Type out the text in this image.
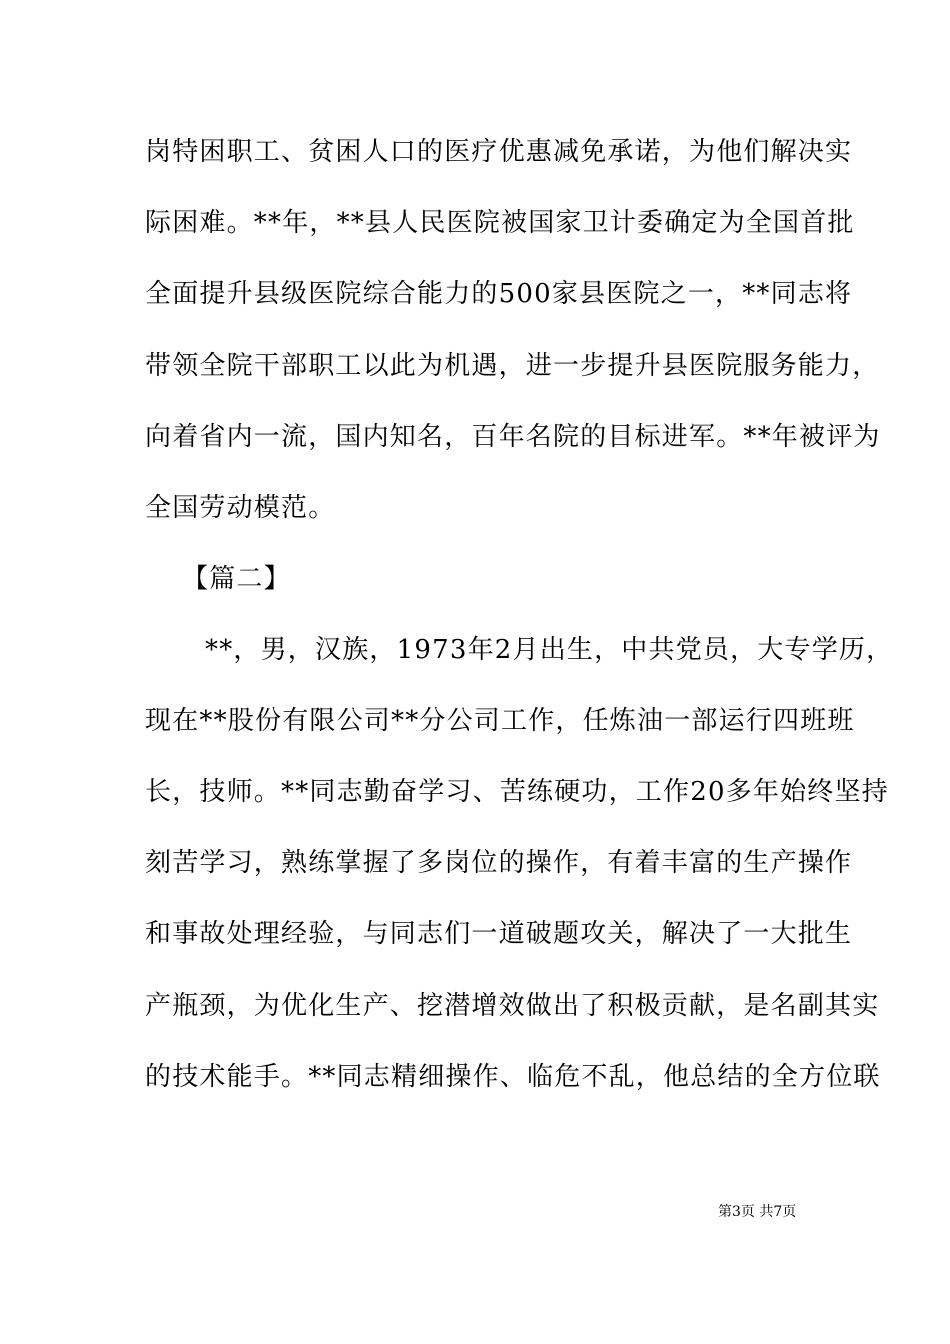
岗特困职工、贫困人口的医疗优惠减免承诺，为他们解决实
际困难。**年，**县人民医院被国家卫计委确定为全国首批
全面提升县级医院综合能力的500家县医院之一，**同志将
带领全院干部职工以此为机遇，进一步提升县医院服务能力，
向着省内一流，国内知名，百年名院的目标进军。**年被评为
全国劳动模范。
【篇二】
**，男，汉族，1973年2月出生，中共党员，大专学历，
现在**股份有限公司**分公司工作，任炼油一部运行四班班
长，技师。**同志勤奋学习、苦练硬功，工作20多年始终坚持
刻苦学习，熟练掌握了多岗位的操作，有着丰富的生产操作
和事故处理经验，与同志们一道破题攻关，解决了一大批生
产瓶颈，为优化生产、挖潜增效做出了积极贡献，是名副其实
的技术能手。**同志精细操作、临危不乱，他总结的全方位联
第3页 共7页
